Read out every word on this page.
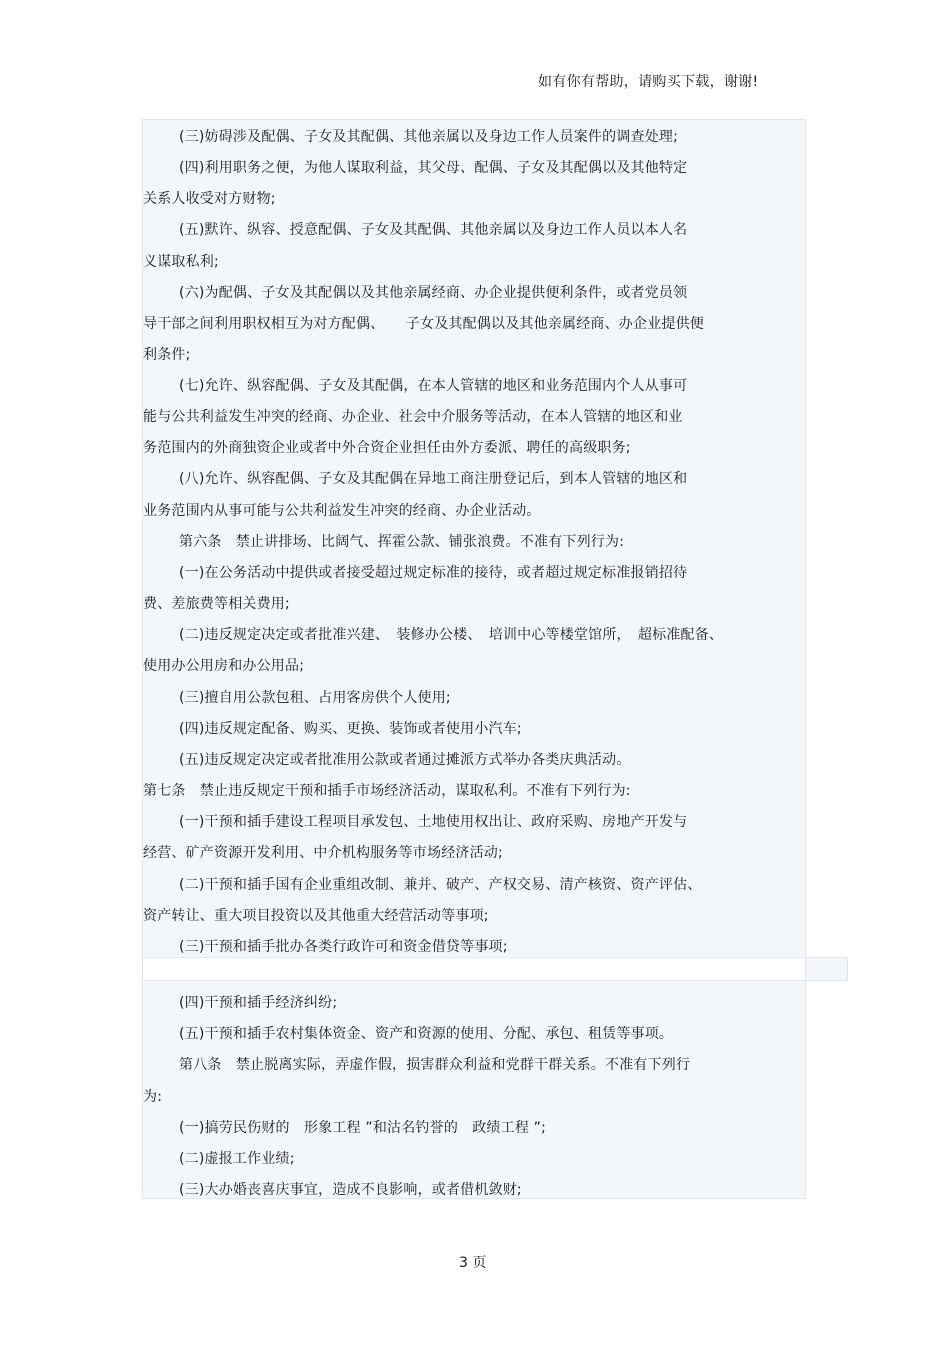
如有你有帮助，请购买下载，谢谢!
(三)妨碍涉及配偶、子女及其配偶、其他亲属以及身边工作人员案件的调查处理;
(四)利用职务之便，为他人谋取利益，其父母、配偶、子女及其配偶以及其他特定
关系人收受对方财物;
(五)默许、纵容、授意配偶、子女及其配偶、其他亲属以及身边工作人员以本人名
义谋取私利;
(六)为配偶、子女及其配偶以及其他亲属经商、办企业提供便利条件，或者党员领
导干部之间利用职权相互为对方配偶、　　子女及其配偶以及其他亲属经商、办企业提供便
利条件;
(七)允许、纵容配偶、子女及其配偶，在本人管辖的地区和业务范围内个人从事可
能与公共利益发生冲突的经商、办企业、社会中介服务等活动，在本人管辖的地区和业
务范围内的外商独资企业或者中外合资企业担任由外方委派、聘任的高级职务;
(八)允许、纵容配偶、子女及其配偶在异地工商注册登记后，到本人管辖的地区和
业务范围内从事可能与公共利益发生冲突的经商、办企业活动。
第六条　禁止讲排场、比阔气、挥霍公款、铺张浪费。不准有下列行为:
(一)在公务活动中提供或者接受超过规定标准的接待，或者超过规定标准报销招待
费、差旅费等相关费用;
(二)违反规定决定或者批准兴建、　装修办公楼、　培训中心等楼堂馆所，　超标准配备、
使用办公用房和办公用品;
(三)擅自用公款包租、占用客房供个人使用;
(四)违反规定配备、购买、更换、装饰或者使用小汽车;
(五)违反规定决定或者批准用公款或者通过摊派方式举办各类庆典活动。
第七条　禁止违反规定干预和插手市场经济活动，谋取私利。不准有下列行为:
(一)干预和插手建设工程项目承发包、土地使用权出让、政府采购、房地产开发与
经营、矿产资源开发利用、中介机构服务等市场经济活动;
(二)干预和插手国有企业重组改制、兼并、破产、产权交易、清产核资、资产评估、
资产转让、重大项目投资以及其他重大经营活动等事项;
(三)干预和插手批办各类行政许可和资金借贷等事项;
(四)干预和插手经济纠纷;
(五)干预和插手农村集体资金、资产和资源的使用、分配、承包、租赁等事项。
第八条　禁止脱离实际，弄虚作假，损害群众利益和党群干群关系。不准有下列行
为:
(一)搞劳民伤财的　形象工程 ”和沽名钓誉的　政绩工程 ”;
(二)虚报工作业绩;
(三)大办婚丧喜庆事宜，造成不良影响，或者借机敛财;
3 页
